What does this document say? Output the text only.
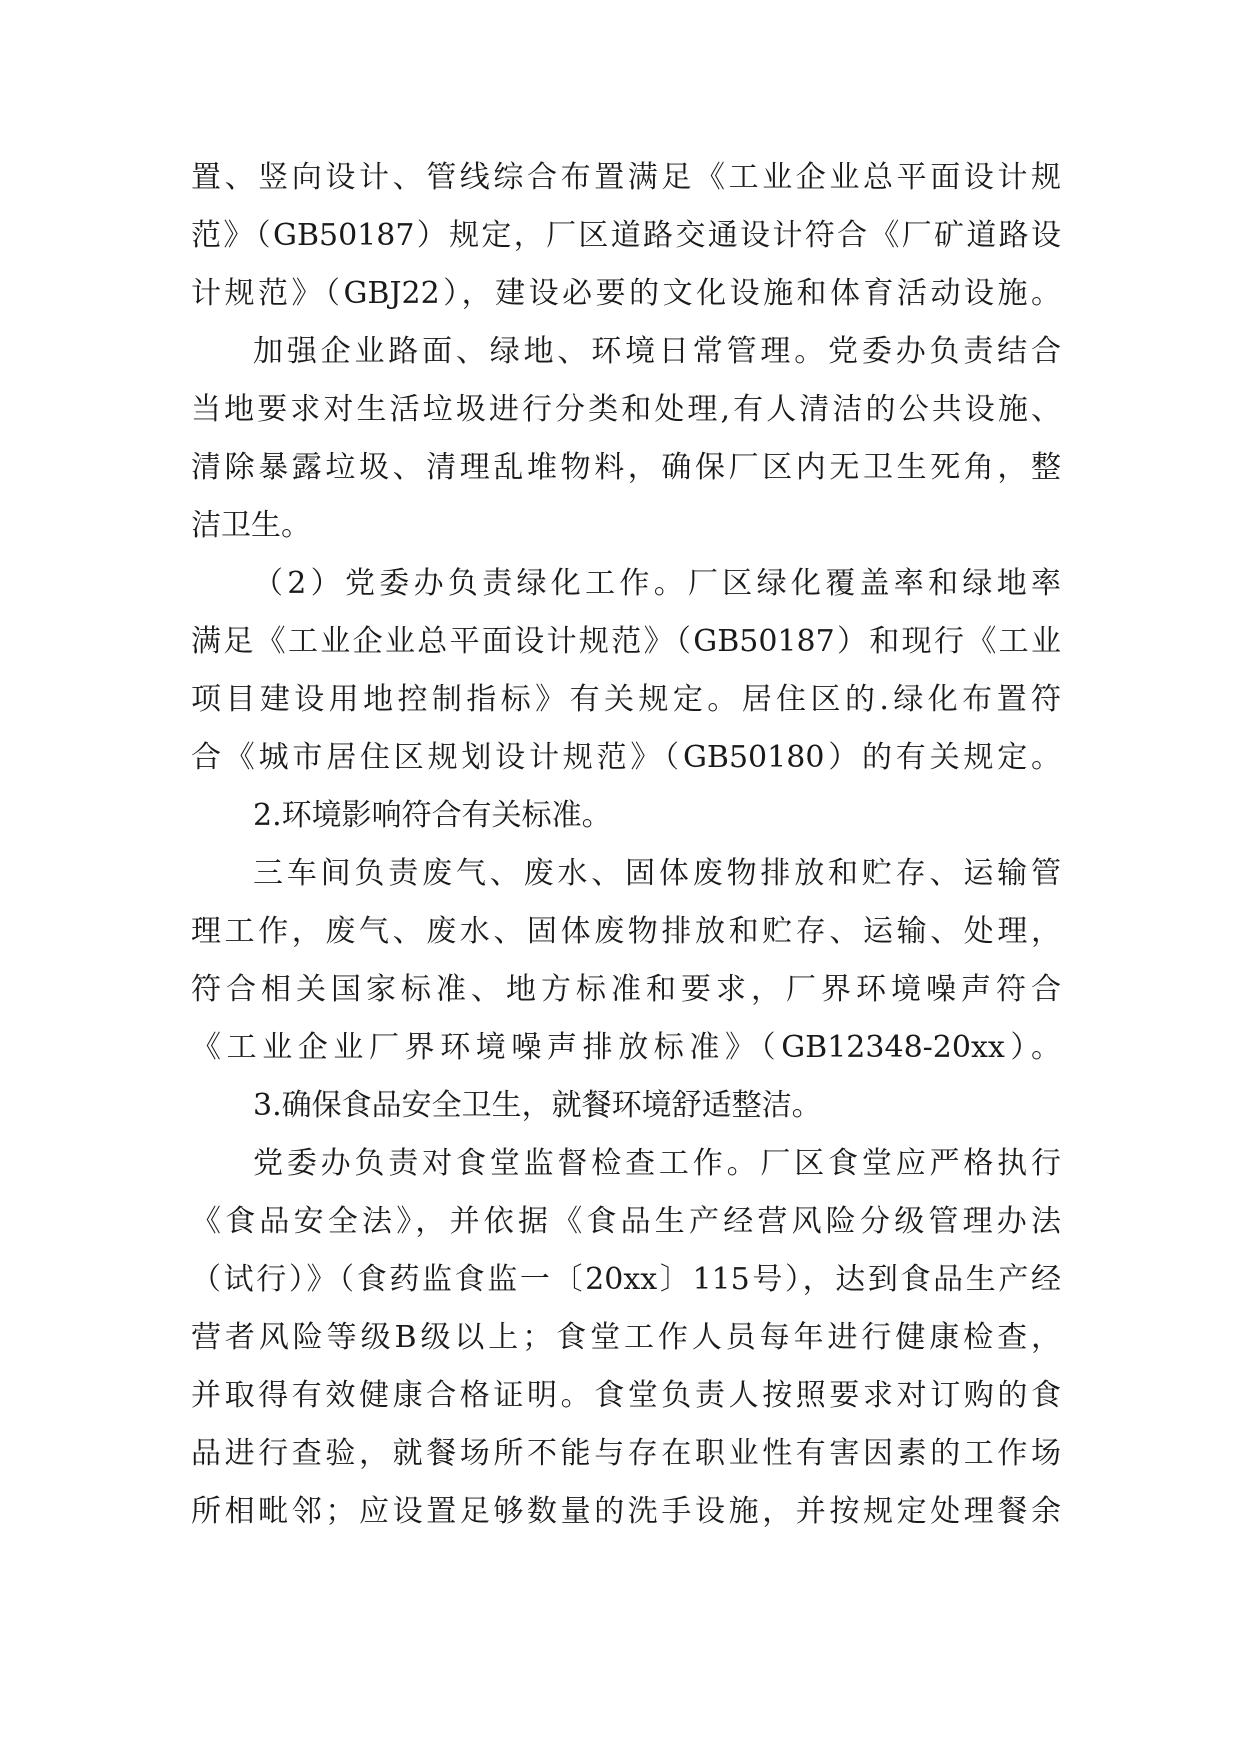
置、竖向设计、管线综合布置满足《工业企业总平面设计规
范》（GB50187）规定，厂区道路交通设计符合《厂矿道路设
计规范》（GBJ22），建设必要的文化设施和体育活动设施。
加强企业路面、绿地、环境日常管理。党委办负责结合
当地要求对生活垃圾进行分类和处理,有人清洁的公共设施、
清除暴露垃圾、清理乱堆物料，确保厂区内无卫生死角，整
洁卫生。
（2）党委办负责绿化工作。厂区绿化覆盖率和绿地率
满足《工业企业总平面设计规范》（GB50187）和现行《工业
项目建设用地控制指标》有关规定。居住区的.绿化布置符
合《城市居住区规划设计规范》（GB50180）的有关规定。
2.环境影响符合有关标准。
三车间负责废气、废水、固体废物排放和贮存、运输管
理工作，废气、废水、固体废物排放和贮存、运输、处理，
符合相关国家标准、地方标准和要求，厂界环境噪声符合
《工业企业厂界环境噪声排放标准》（GB12348-20xx）。
3.确保食品安全卫生，就餐环境舒适整洁。
党委办负责对食堂监督检查工作。厂区食堂应严格执行
《食品安全法》，并依据《食品生产经营风险分级管理办法
（试行）》（食药监食监一〔20xx〕115号），达到食品生产经
营者风险等级B级以上；食堂工作人员每年进行健康检查，
并取得有效健康合格证明。食堂负责人按照要求对订购的食
品进行查验，就餐场所不能与存在职业性有害因素的工作场
所相毗邻；应设置足够数量的洗手设施，并按规定处理餐余
